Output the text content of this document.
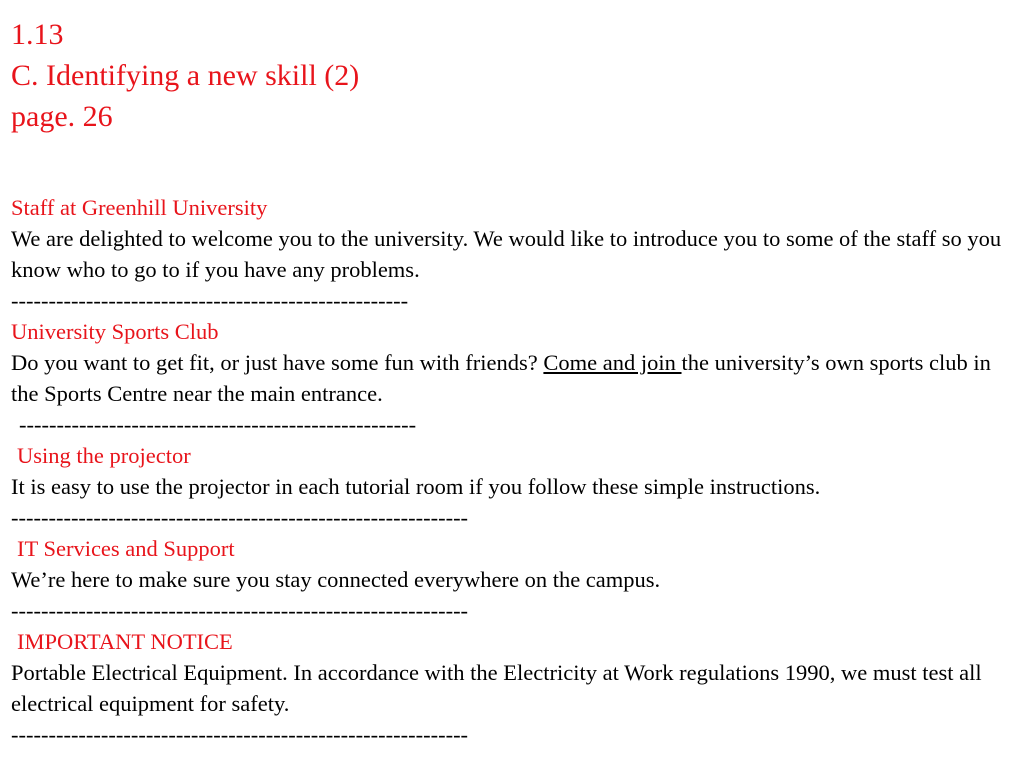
1.13
C. Identifying a new skill (2)
page. 26
Staff at Greenhill University
We are delighted to welcome you to the university. We would like to introduce you to some of the staff so you know who to go to if you have any problems.
-----------------------------------------------------
University Sports Club
Do you want to get fit, or just have some fun with friends? Come and join the university’s own sports club in the Sports Centre near the main entrance.
-----------------------------------------------------
Using the projector
It is easy to use the projector in each tutorial room if you follow these simple instructions.
-------------------------------------------------------------
IT Services and Support
We’re here to make sure you stay connected everywhere on the campus.
-------------------------------------------------------------
IMPORTANT NOTICE
Portable Electrical Equipment. In accordance with the Electricity at Work regulations 1990, we must test all electrical equipment for safety.
-------------------------------------------------------------
